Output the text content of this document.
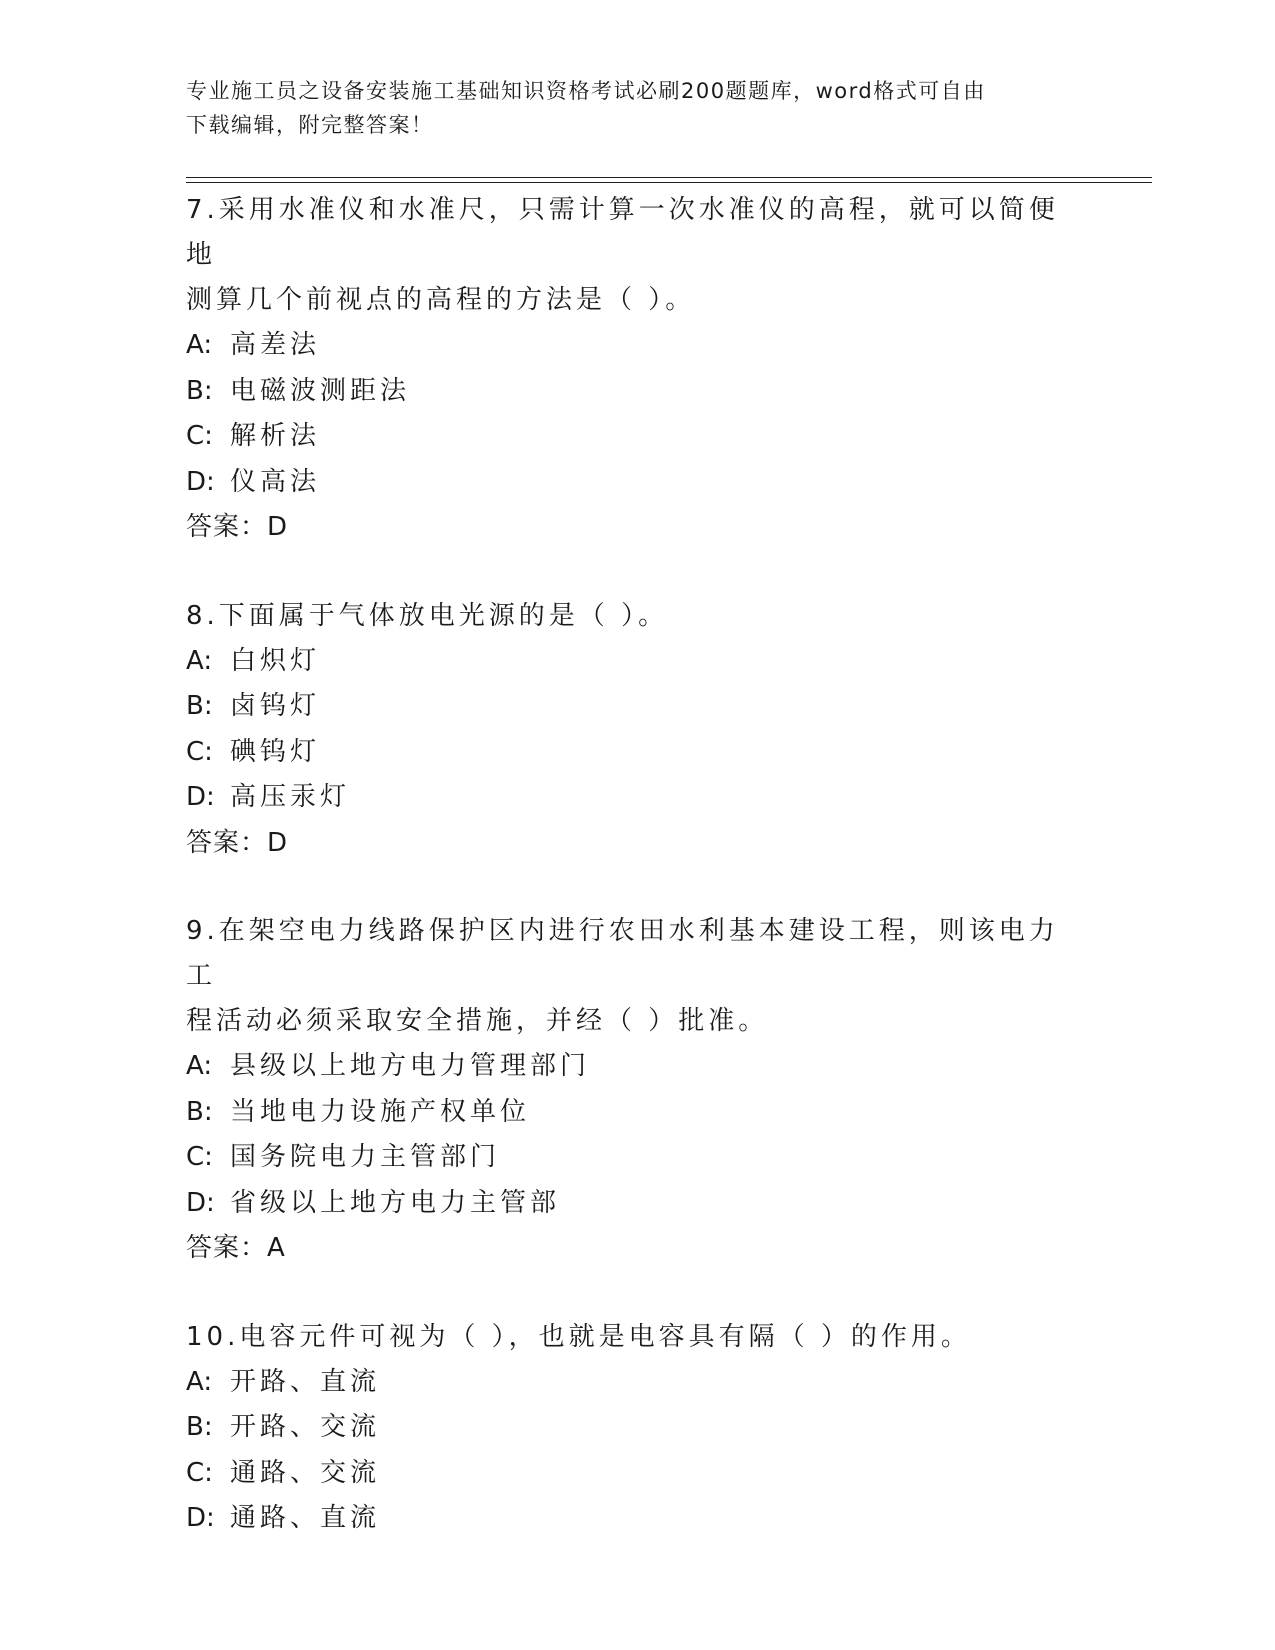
专业施工员之设备安装施工基础知识资格考试必刷200题题库，word格式可自由
下载编辑，附完整答案！
7.采用水准仪和水准尺，只需计算一次水准仪的高程，就可以简便地
测算几个前视点的高程的方法是（ ）。
A: 高差法
B: 电磁波测距法
C: 解析法
D: 仪高法
答案：D
8.下面属于气体放电光源的是（ ）。
A: 白炽灯
B: 卤钨灯
C: 碘钨灯
D: 高压汞灯
答案：D
9.在架空电力线路保护区内进行农田水利基本建设工程，则该电力工
程活动必须采取安全措施，并经（ ）批准。
A: 县级以上地方电力管理部门
B: 当地电力设施产权单位
C: 国务院电力主管部门
D: 省级以上地方电力主管部
答案：A
10.电容元件可视为（ ），也就是电容具有隔（ ）的作用。
A: 开路、直流
B: 开路、交流
C: 通路、交流
D: 通路、直流
